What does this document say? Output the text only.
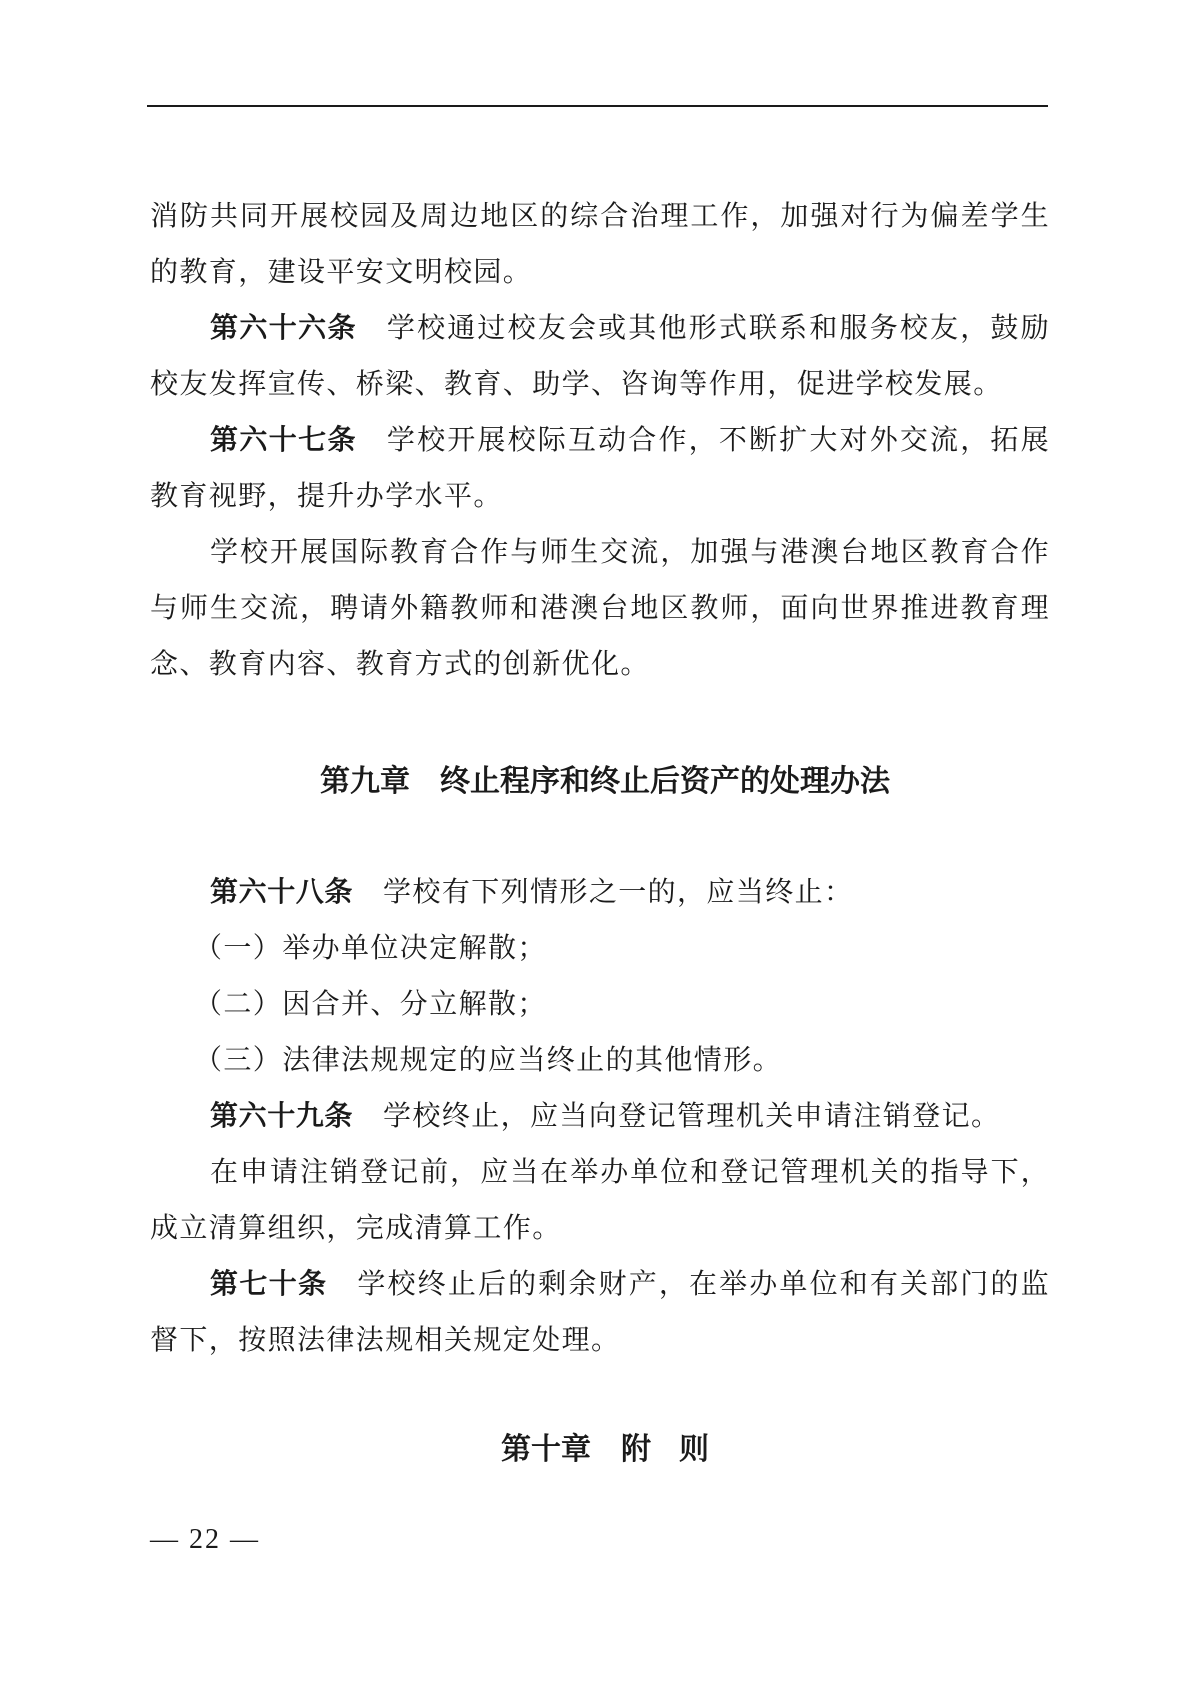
消防共同开展校园及周边地区的综合治理工作，加强对行为偏差学生的教育，建设平安文明校园。

第六十六条 学校通过校友会或其他形式联系和服务校友，鼓励校友发挥宣传、桥梁、教育、助学、咨询等作用，促进学校发展。

第六十七条 学校开展校际互动合作，不断扩大对外交流，拓展教育视野，提升办学水平。

学校开展国际教育合作与师生交流，加强与港澳台地区教育合作与师生交流，聘请外籍教师和港澳台地区教师，面向世界推进教育理念、教育内容、教育方式的创新优化。

第九章 终止程序和终止后资产的处理办法

第六十八条 学校有下列情形之一的，应当终止：

（一）举办单位决定解散；

（二）因合并、分立解散；

（三）法律法规规定的应当终止的其他情形。

第六十九条 学校终止，应当向登记管理机关申请注销登记。

在申请注销登记前，应当在举办单位和登记管理机关的指导下，成立清算组织，完成清算工作。

第七十条 学校终止后的剩余财产，在举办单位和有关部门的监督下，按照法律法规相关规定处理。

第十章 附 则
— 22 —
